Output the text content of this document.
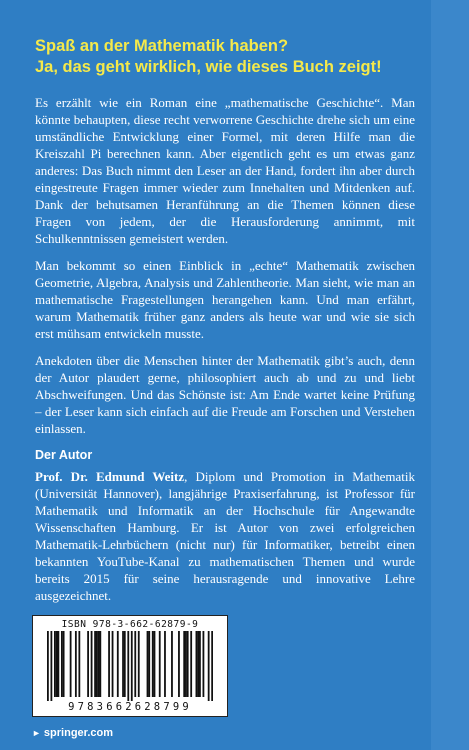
Spaß an der Mathematik haben?
Ja, das geht wirklich, wie dieses Buch zeigt!

Es erzählt wie ein Roman eine „mathematische Geschichte“. Man könnte behaupten, diese recht verworrene Geschichte drehe sich um eine umständliche Entwicklung einer Formel, mit deren Hilfe man die Kreiszahl Pi berechnen kann. Aber eigentlich geht es um etwas ganz anderes: Das Buch nimmt den Leser an der Hand, fordert ihn aber durch eingestreute Fragen immer wieder zum Innehalten und Mitdenken auf. Dank der behutsamen Heranführung an die Themen können diese Fragen von jedem, der die Herausforderung annimmt, mit Schulkenntnissen gemeistert werden.

Man bekommt so einen Einblick in „echte“ Mathematik zwischen Geometrie, Algebra, Analysis und Zahlentheorie. Man sieht, wie man an mathematische Fragestellungen herangehen kann. Und man erfährt, warum Mathematik früher ganz anders als heute war und wie sie sich erst mühsam entwickeln musste.

Anekdoten über die Menschen hinter der Mathematik gibt’s auch, denn der Autor plaudert gerne, philosophiert auch ab und zu und liebt Abschweifungen. Und das Schönste ist: Am Ende wartet keine Prüfung – der Leser kann sich einfach auf die Freude am Forschen und Verstehen einlassen.

Der Autor

Prof. Dr. Edmund Weitz, Diplom und Promotion in Mathematik (Universität Hannover), langjährige Praxiserfahrung, ist Professor für Mathematik und Informatik an der Hochschule für Angewandte Wissenschaften Hamburg. Er ist Autor von zwei erfolgreichen Mathematik-Lehrbüchern (nicht nur) für Informatiker, betreibt einen bekannten YouTube-Kanal zu mathematischen Themen und wurde bereits 2015 für seine herausragende und innovative Lehre ausgezeichnet.

ISBN 978-3-662-62879-9
9783662628799
► springer.com
